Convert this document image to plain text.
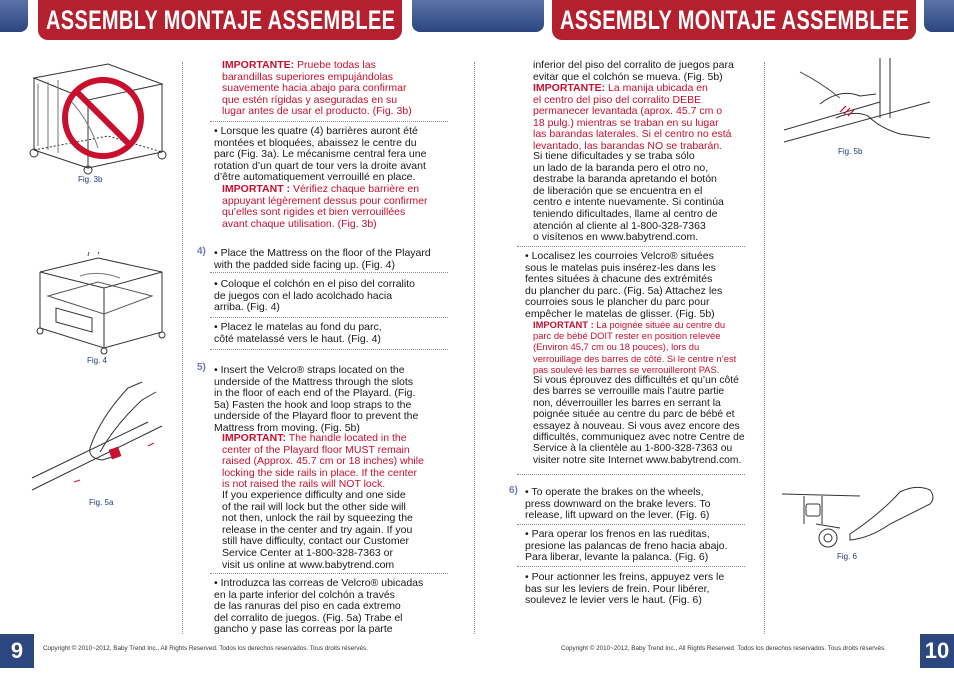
ASSEMBLY MONTAJE ASSEMBLEE	ASSEMBLY MONTAJE ASSEMBLEE
Fig. 3b
Fig. 4
Fig. 5a
IMPORTANTE: Pruebe todas las
barandillas superiores empujándolas
suavemente hacia abajo para confirmar
que estén rígidas y aseguradas en su
lugar antes de usar el producto. (Fig. 3b)
• Lorsque les quatre (4) barrières auront été
montées et bloquées, abaissez le centre du
parc (Fig. 3a). Le mécanisme central fera une
rotation d’un quart de tour vers la droite avant
d’être automatiquement verrouillé en place.
IMPORTANT : Vérifiez chaque barrière en
appuyant légèrement dessus pour confirmer
qu’elles sont rigides et bien verrouillées
avant chaque utilisation. (Fig. 3b)
4) • Place the Mattress on the floor of the Playard
with the padded side facing up. (Fig. 4)
• Coloque el colchón en el piso del corralito
de juegos con el lado acolchado hacia
arriba. (Fig. 4)
• Placez le matelas au fond du parc,
côté matelassé vers le haut. (Fig. 4)
5) • Insert the Velcro® straps located on the
underside of the Mattress through the slots
in the floor of each end of the Playard. (Fig.
5a) Fasten the hook and loop straps to the
underside of the Playard floor to prevent the
Mattress from moving. (Fig. 5b)
IMPORTANT: The handle located in the
center of the Playard floor MUST remain
raised (Approx. 45.7 cm or 18 inches) while
locking the side rails in place. If the center
is not raised the rails will NOT lock.
If you experience difficulty and one side
of the rail will lock but the other side will
not then, unlock the rail by squeezing the
release in the center and try again. If you
still have difficulty, contact our Customer
Service Center at 1-800-328-7363 or
visit us online at www.babytrend.com
• Introduzca las correas de Velcro® ubicadas
en la parte inferior del colchón a través
de las ranuras del piso en cada extremo
del corralito de juegos. (Fig. 5a) Trabe el
gancho y pase las correas por la parte
inferior del piso del corralito de juegos para
evitar que el colchón se mueva. (Fig. 5b)
IMPORTANTE: La manija ubicada en
el centro del piso del corralito DEBE
permanecer levantada (aprox. 45.7 cm o
18 pulg.) mientras se traban en su lugar
las barandas laterales. Si el centro no está
levantado, las barandas NO se trabarán.
Si tiene dificultades y se traba sólo
un lado de la baranda pero el otro no,
destrabe la baranda apretando el botón
de liberación que se encuentra en el
centro e intente nuevamente. Si continúa
teniendo dificultades, llame al centro de
atención al cliente al 1-800-328-7363
o visítenos en www.babytrend.com.
• Localisez les courroies Velcro® situées
sous le matelas puis insérez-les dans les
fentes situées à chacune des extrémités
du plancher du parc. (Fig. 5a) Attachez les
courroies sous le plancher du parc pour
empêcher le matelas de glisser. (Fig. 5b)
IMPORTANT : La poignée située au centre du
parc de bébé DOIT rester en position relevée
(Environ 45,7 cm ou 18 pouces), lors du
verrouillage des barres de côté. Si le centre n’est
pas soulevé les barres se verrouilleront PAS.
Si vous éprouvez des difficultés et qu’un côté
des barres se verrouille mais l’autre partie
non, déverrouiller les barres en serrant la
poignée située au centre du parc de bébé et
essayez à nouveau. Si vous avez encore des
difficultés, communiquez avec notre Centre de
Service à la clientèle au 1-800-328-7363 ou
visiter notre site Internet www.babytrend.com.
6) • To operate the brakes on the wheels,
press downward on the brake levers. To
release, lift upward on the lever. (Fig. 6)
• Para operar los frenos en las rueditas,
presione las palancas de freno hacia abajo.
Para liberar, levante la palanca. (Fig. 6)
• Pour actionner les freins, appuyez vers le
bas sur les leviers de frein. Pour libérer,
soulevez le levier vers le haut. (Fig. 6)
Fig. 5b
Fig. 6
9	Copyright © 2010~2012, Baby Trend Inc., All Rights Reserved. Todos los derechos reservados. Tous droits réservés.	10
Copyright © 2010~2012, Baby Trend Inc., All Rights Reserved. Todos los derechos reservados. Tous droits réservés.
